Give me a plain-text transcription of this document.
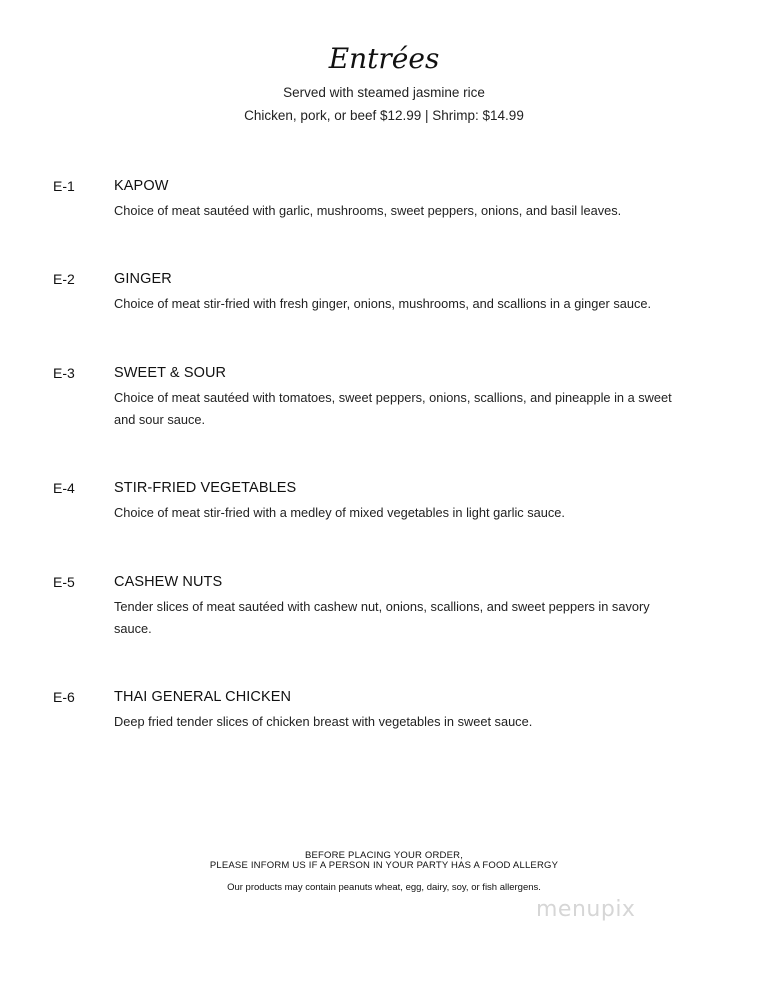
Entrées
Served with steamed jasmine rice
Chicken, pork, or beef $12.99 | Shrimp: $14.99
E-1	KAPOW
Choice of meat sautéed with garlic, mushrooms, sweet peppers, onions, and basil leaves.
E-2	GINGER
Choice of meat stir-fried with fresh ginger, onions, mushrooms, and scallions in a ginger sauce.
E-3	SWEET & SOUR
Choice of meat sautéed with tomatoes, sweet peppers, onions, scallions, and pineapple in a sweet and sour sauce.
E-4	STIR-FRIED VEGETABLES
Choice of meat stir-fried with a medley of mixed vegetables in light garlic sauce.
E-5	CASHEW NUTS
Tender slices of meat sautéed with cashew nut, onions, scallions, and sweet peppers in savory sauce.
E-6	THAI GENERAL CHICKEN
Deep fried tender slices of chicken breast with vegetables in sweet sauce.
BEFORE PLACING YOUR ORDER,
PLEASE INFORM US IF A PERSON IN YOUR PARTY HAS A FOOD ALLERGY
Our products may contain peanuts wheat, egg, dairy, soy, or fish allergens.
menupix
